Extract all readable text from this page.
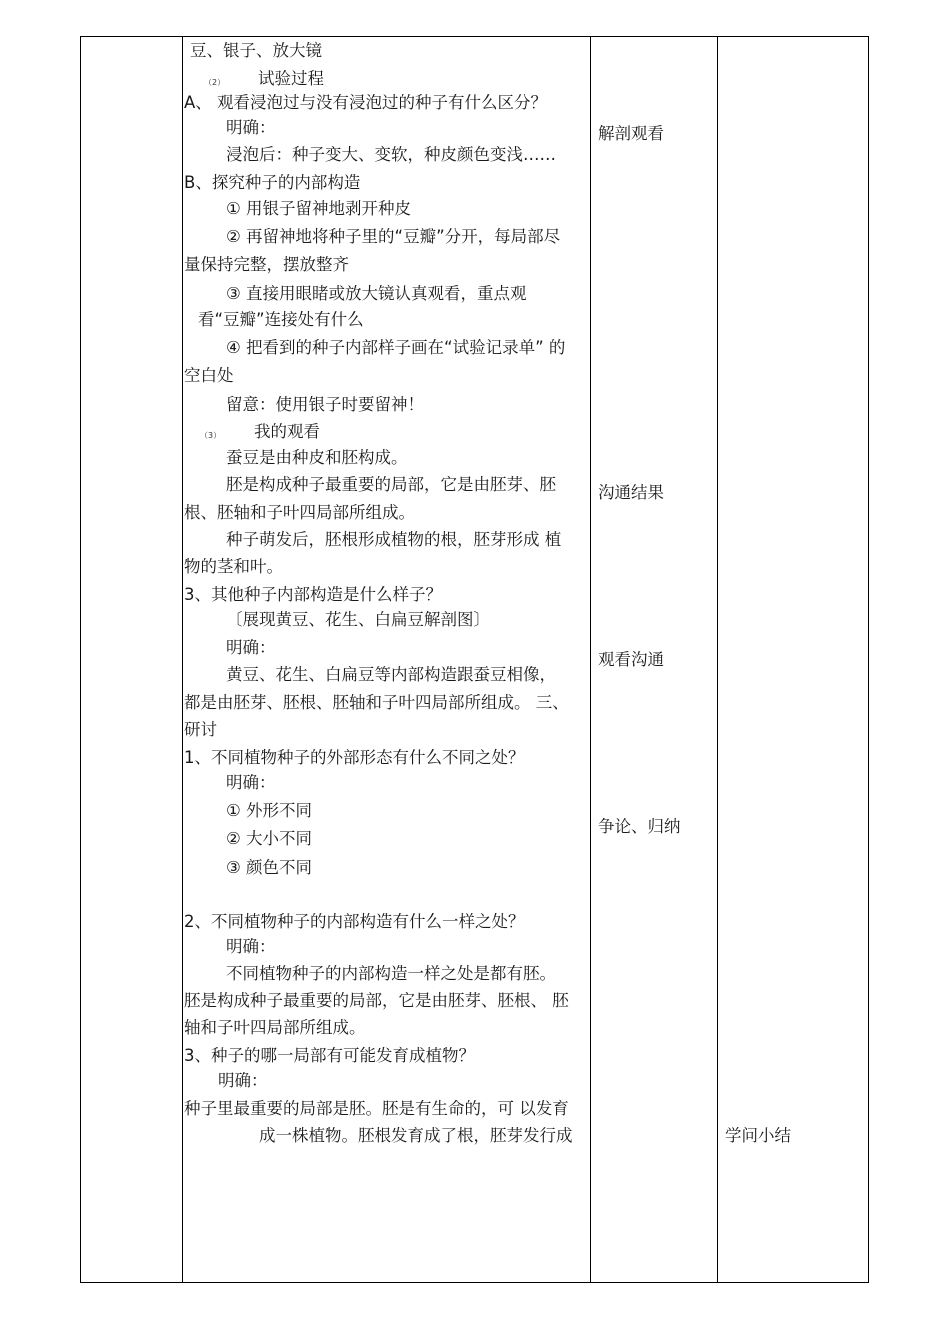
豆、银子、放大镜
（2） 试验过程
A、 观看浸泡过与没有浸泡过的种子有什么区分？
明确：
浸泡后：种子变大、变软，种皮颜色变浅……
B、探究种子的内部构造
① 用银子留神地剥开种皮
② 再留神地将种子里的“豆瓣”分开，每局部尽
量保持完整，摆放整齐
③ 直接用眼睹或放大镜认真观看，重点观
看“豆瓣”连接处有什么
④ 把看到的种子内部样子画在“试验记录单” 的
空白处
留意：使用银子时要留神！
（3） 我的观看
蚕豆是由种皮和胚构成。
胚是构成种子最重要的局部，它是由胚芽、胚
根、胚轴和子叶四局部所组成。
种子萌发后，胚根形成植物的根，胚芽形成 植
物的茎和叶。
3、其他种子内部构造是什么样子？
〔展现黄豆、花生、白扁豆解剖图〕
明确：
黄豆、花生、白扁豆等内部构造跟蚕豆相像，
都是由胚芽、胚根、胚轴和子叶四局部所组成。 三、
研讨
1、不同植物种子的外部形态有什么不同之处？
明确：
① 外形不同
② 大小不同
③ 颜色不同
2、不同植物种子的内部构造有什么一样之处？
明确：
不同植物种子的内部构造一样之处是都有胚。
胚是构成种子最重要的局部，它是由胚芽、胚根、 胚
轴和子叶四局部所组成。
3、种子的哪一局部有可能发育成植物？
明确：
种子里最重要的局部是胚。胚是有生命的，可 以发育
成一株植物。胚根发育成了根，胚芽发行成
解剖观看
沟通结果
观看沟通
争论、归纳
学问小结
